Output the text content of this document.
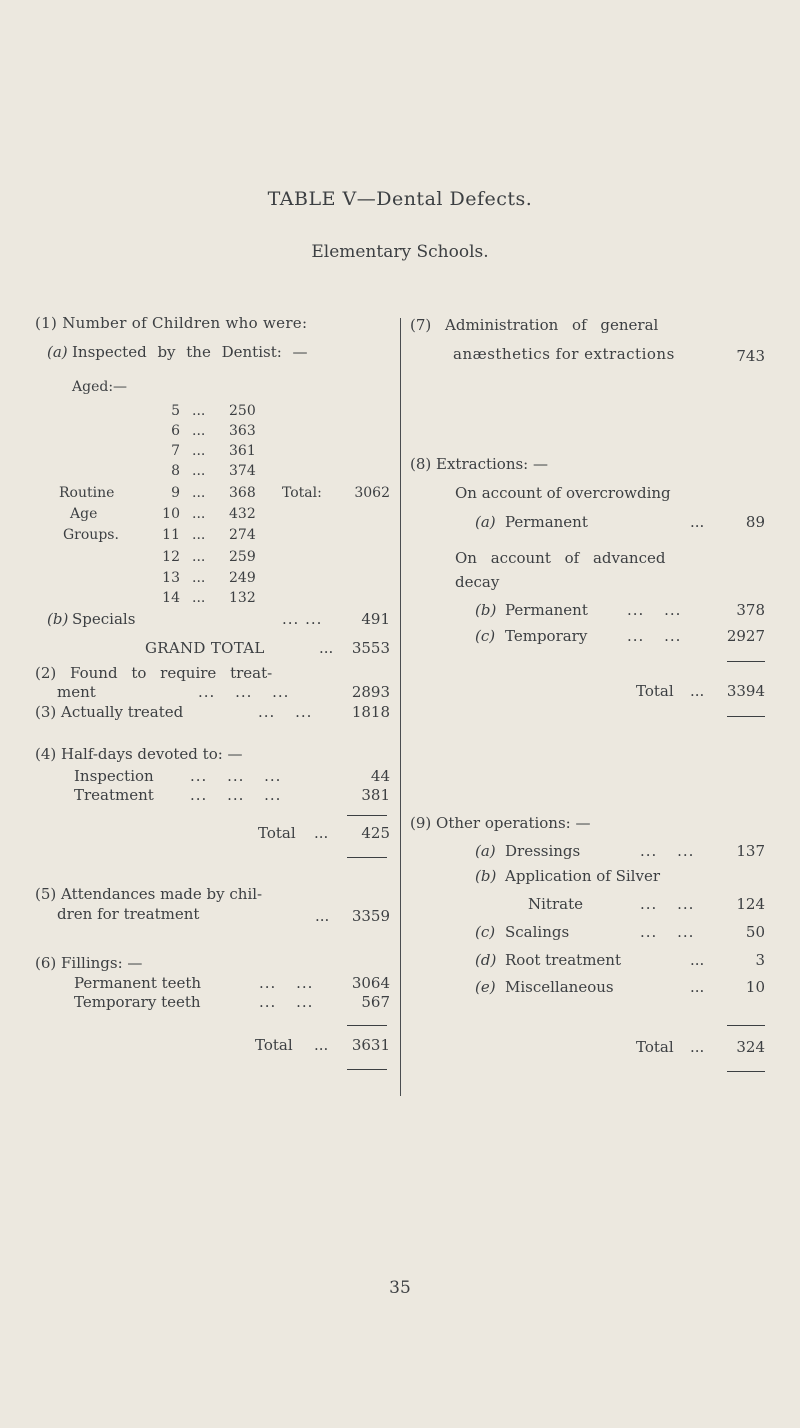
TABLE V—Dental Defects.
Elementary Schools.
(1) Number of Children who were:
(a) Inspected by the Dentist: —
Aged:—
5 ... 250
6 ... 363
7 ... 361
8 ... 374
9 ... 368
10 ... 432
11 ... 274
12 ... 259
13 ... 249
14 ... 132
Routine
Age
Groups.
Total:	3062
(b) Specials	... ...	491
GRAND TOTAL	...	3553
(2) Found to require treat-
ment	... ... ...	2893
(3) Actually treated	... ...	1818
(4) Half-days devoted to: —
Inspection ... ... ...	44
Treatment ... ... ...	381
Total ...	425
(5) Attendances made by chil-
dren for treatment	...	3359
(6) Fillings: —
Permanent teeth	... ...	3064
Temporary teeth	... ...	567
Total ...	3631
(7) Administration of general
anæsthetics for extractions	743
(8) Extractions: —
On account of overcrowding
(a) Permanent	...	89
On account of advanced
decay
(b) Permanent	... ...	378
(c) Temporary	... ...	2927
Total ...	3394
(9) Other operations: —
(a) Dressings	... ...	137
(b) Application of Silver
Nitrate	... ...	124
(c) Scalings	... ...	50
(d) Root treatment	...	3
(e) Miscellaneous	...	10
Total ...	324
35
